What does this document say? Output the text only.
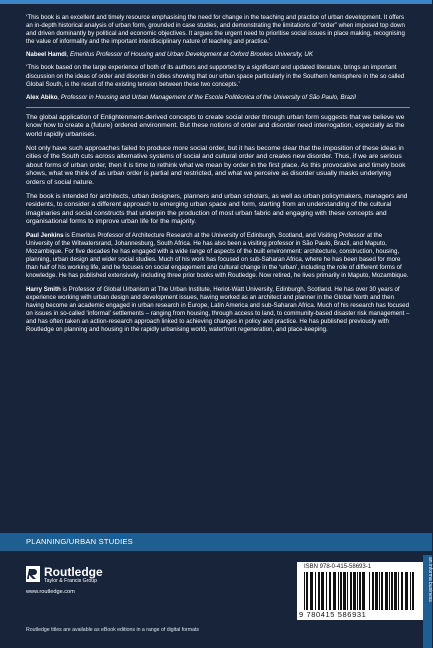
‘This book is an excellent and timely resource emphasising the need for change in the teaching and practice of urban development. It offers an in-depth historical analysis of urban form, grounded in case studies, and demonstrating the limitations of “order” when imposed top down and driven dominantly by political and economic objectives. It argues the urgent need to prioritise social issues in place making, recognising the value of informality and the important interdisciplinary nature of teaching and practice.’

Nabeel Hamdi, Emeritus Professor of Housing and Urban Development at Oxford Brookes University, UK

‘This book based on the large experience of both of its authors and supported by a significant and updated literature, brings an important discussion on the ideas of order and disorder in cities showing that our urban space particularly in the Southern hemisphere in the so called Global South, is the result of the existing tension between these two concepts.’

Alex Abiko, Professor in Housing and Urban Management of the Escola Politécnica of the University of São Paulo, Brazil

The global application of Enlightenment-derived concepts to create social order through urban form suggests that we believe we know how to create a (future) ordered environment. But these notions of order and disorder need interrogation, especially as the world rapidly urbanises.

Not only have such approaches failed to produce more social order, but it has become clear that the imposition of these ideas in cities of the South cuts across alternative systems of social and cultural order and creates new disorder. Thus, if we are serious about forms of urban order, then it is time to rethink what we mean by order in the first place. As this provocative and timely book shows, what we think of as urban order is partial and restricted, and what we perceive as disorder usually masks underlying orders of social nature.

The book is intended for architects, urban designers, planners and urban scholars, as well as urban policymakers, managers and residents, to consider a different approach to emerging urban space and form, starting from an understanding of the cultural imaginaries and social constructs that underpin the production of most urban fabric and engaging with these concepts and organisational forms to improve urban life for the majority.

Paul Jenkins is Emeritus Professor of Architecture Research at the University of Edinburgh, Scotland, and Visiting Professor at the University of the Witwatersrand, Johannesburg, South Africa. He has also been a visiting professor in São Paulo, Brazil, and Maputo, Mozambique. For five decades he has engaged with a wide range of aspects of the built environment: architecture, construction, housing, planning, urban design and wider social studies. Much of his work has focused on sub-Saharan Africa, where he has been based for more than half of his working life, and he focuses on social engagement and cultural change in the ‘urban’, including the role of different forms of knowledge. He has published extensively, including three prior books with Routledge. Now retired, he lives primarily in Maputo, Mozambique.

Harry Smith is Professor of Global Urbanism at The Urban Institute, Heriot-Watt University, Edinburgh, Scotland. He has over 30 years of experience working with urban design and development issues, having worked as an architect and planner in the Global North and then having become an academic engaged in urban research in Europe, Latin America and sub-Saharan Africa. Much of his research has focused on issues in so-called ‘informal’ settlements – ranging from housing, through access to land, to community-based disaster risk management – and has often taken an action-research approach linked to achieving changes in policy and practice. He has published previously with Routledge on planning and housing in the rapidly urbanising world, waterfront regeneration, and place-keeping.

PLANNING/URBAN STUDIES
Routledge
Taylor & Francis Group
www.routledge.com
Routledge titles are available as eBook editions in a range of digital formats
ISBN 978-0-415-58693-1
9 780415 586931
an informa business
